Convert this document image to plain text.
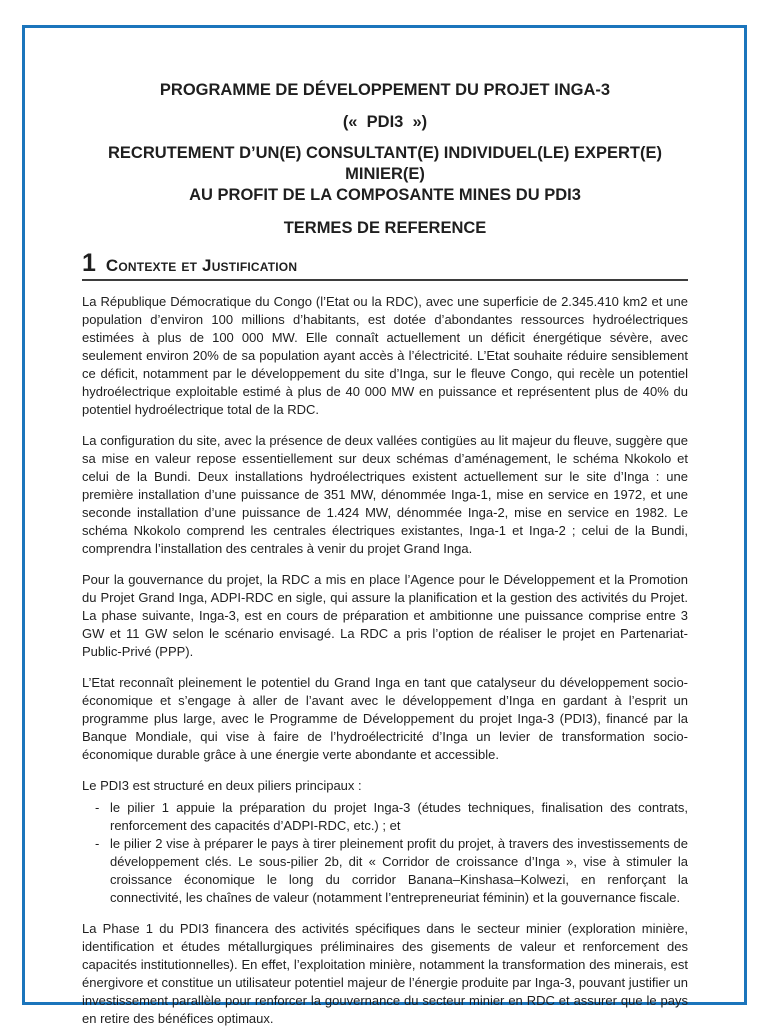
PROGRAMME DE DÉVELOPPEMENT DU PROJET INGA-3
(«  PDI3  »)
RECRUTEMENT D’UN(E) CONSULTANT(E) INDIVIDUEL(LE) EXPERT(E) MINIER(E)
AU PROFIT DE LA COMPOSANTE MINES DU PDI3
TERMES DE REFERENCE
1 Contexte et Justification

La République Démocratique du Congo (l’Etat ou la RDC), avec une superficie de 2.345.410 km2 et une population d’environ 100 millions d’habitants, est dotée d’abondantes ressources hydroélectriques estimées à plus de 100 000 MW. Elle connaît actuellement un déficit énergétique sévère, avec seulement environ 20% de sa population ayant accès à l’électricité. L’Etat souhaite réduire sensiblement ce déficit, notamment par le développement du site d’Inga, sur le fleuve Congo, qui recèle un potentiel hydroélectrique exploitable estimé à plus de 40 000 MW en puissance et représentent plus de 40% du potentiel hydroélectrique total de la RDC.

La configuration du site, avec la présence de deux vallées contigües au lit majeur du fleuve, suggère que sa mise en valeur repose essentiellement sur deux schémas d’aménagement, le schéma Nkokolo et celui de la Bundi. Deux installations hydroélectriques existent actuellement sur le site d’Inga : une première installation d’une puissance de 351 MW, dénommée Inga-1, mise en service en 1972, et une seconde installation d’une puissance de 1.424 MW, dénommée Inga-2, mise en service en 1982. Le schéma Nkokolo comprend les centrales électriques existantes, Inga-1 et Inga-2 ; celui de la Bundi, comprendra l’installation des centrales à venir du projet Grand Inga.

Pour la gouvernance du projet, la RDC a mis en place l’Agence pour le Développement et la Promotion du Projet Grand Inga, ADPI-RDC en sigle, qui assure la planification et la gestion des activités du Projet. La phase suivante, Inga-3, est en cours de préparation et ambitionne une puissance comprise entre 3 GW et 11 GW selon le scénario envisagé. La RDC a pris l’option de réaliser le projet en Partenariat-Public-Privé (PPP).

L’Etat reconnaît pleinement le potentiel du Grand Inga en tant que catalyseur du développement socio-économique et s’engage à aller de l’avant avec le développement d’Inga en gardant à l’esprit un programme plus large, avec le Programme de Développement du projet Inga-3 (PDI3), financé par la Banque Mondiale, qui vise à faire de l’hydroélectricité d’Inga un levier de transformation socio-économique durable grâce à une énergie verte abondante et accessible.

Le PDI3 est structuré en deux piliers principaux :

- le pilier 1 appuie la préparation du projet Inga-3 (études techniques, finalisation des contrats, renforcement des capacités d’ADPI-RDC, etc.) ; et
- le pilier 2 vise à préparer le pays à tirer pleinement profit du projet, à travers des investissements de développement clés. Le sous-pilier 2b, dit « Corridor de croissance d’Inga », vise à stimuler la croissance économique le long du corridor Banana–Kinshasa–Kolwezi, en renforçant la connectivité, les chaînes de valeur (notamment l’entrepreneuriat féminin) et la gouvernance fiscale.

La Phase 1 du PDI3 financera des activités spécifiques dans le secteur minier (exploration minière, identification et études métallurgiques préliminaires des gisements de valeur et renforcement des capacités institutionnelles). En effet, l’exploitation minière, notamment la transformation des minerais, est énergivore et constitue un utilisateur potentiel majeur de l’énergie produite par Inga-3, pouvant justifier un investissement parallèle pour renforcer la gouvernance du secteur minier en RDC et assurer que le pays en retire des bénéfices optimaux.
